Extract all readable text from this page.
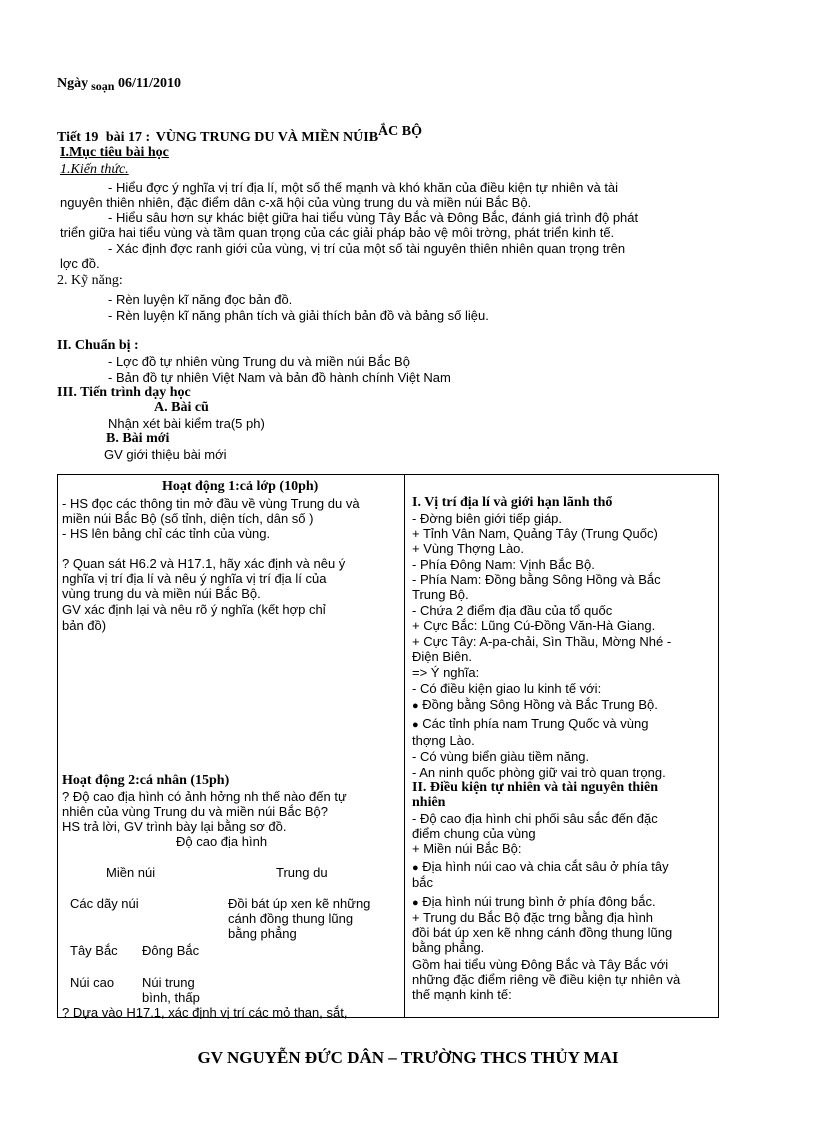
Ngày soạn 06/11/2010
Tiết 19 bài 17 : VÙNG TRUNG DU VÀ MIỀN NÚIBẮC BỘ
I.Mục tiêu bài học
1.Kiến thức.
- Hiểu đợc ý nghĩa vị trí địa lí, một số thế mạnh và khó khăn của điều kiện tự nhiên và tài
nguyên thiên nhiên, đặc điểm dân c-xã hội của vùng trung du và miền núi Bắc Bộ.
- Hiểu sâu hơn sự khác biệt giữa hai tiểu vùng Tây Bắc và Đông Bắc, đánh giá trình độ phát
triển giữa hai tiểu vùng và tầm quan trọng của các giải pháp bảo vệ môi trờng, phát triển kinh tế.
- Xác định đợc ranh giới của vùng, vị trí của một số tài nguyên thiên nhiên quan trọng trên
lợc đồ.
2. Kỹ năng:
- Rèn luyện kĩ năng đọc bản đồ.
- Rèn luyện kĩ năng phân tích và giải thích bản đồ và bảng số liệu.
II. Chuẩn bị :
- Lợc đồ tự nhiên vùng Trung du và miền núi Bắc Bộ
- Bản đồ tự nhiên Việt Nam và bản đồ hành chính Việt Nam
III. Tiến trình dạy học
A. Bài cũ
Nhận xét bài kiểm tra(5 ph)
B. Bài mới
GV giới thiệu bài mới
Hoạt động 1:cả lớp (10ph)
- HS đọc các thông tin mở đầu về vùng Trung du và
miền núi Bắc Bộ (số tỉnh, diện tích, dân số )
- HS lên bảng chỉ các tỉnh của vùng.
? Quan sát H6.2 và H17.1, hãy xác định và nêu ý
nghĩa vị trí địa lí và nêu ý nghĩa vị trí địa lí của
vùng trung du và miền núi Bắc Bộ.
GV xác định lại và nêu rõ ý nghĩa (kết hợp chỉ
bản đồ)
Hoạt động 2:cá nhân (15ph)
? Độ cao địa hình có ảnh hởng nh thế nào đến tự
nhiên của vùng Trung du và miền núi Bắc Bộ?
HS trả lời, GV trình bày lại bằng sơ đồ.
Độ cao địa hình
Miền núi	Trung du
Các dãy núi	Đồi bát úp xen kẽ những
cánh đồng thung lũng
bằng phẳng
Tây Bắc Đông Bắc
Núi cao Núi trung
bình, thấp
? Dựa vào H17.1, xác định vị trí các mỏ than, sắt,
I. Vị trí địa lí và giới hạn lãnh thổ
- Đờng biên giới tiếp giáp.
+ Tỉnh Vân Nam, Quảng Tây (Trung Quốc)
+ Vùng Thợng Lào.
- Phía Đông Nam: Vịnh Bắc Bộ.
- Phía Nam: Đồng bằng Sông Hồng và Bắc
Trung Bộ.
- Chứa 2 điểm địa đầu của tổ quốc
+ Cực Bắc: Lũng Cú-Đồng Văn-Hà Giang.
+ Cực Tây: A-pa-chải, Sìn Thầu, Mờng Nhé -
Điện Biên.
=> Ý nghĩa:
- Có điều kiện giao lu kinh tế với:
● Đồng bằng Sông Hồng và Bắc Trung Bộ.
● Các tỉnh phía nam Trung Quốc và vùng
thợng Lào.
- Có vùng biển giàu tiềm năng.
- An ninh quốc phòng giữ vai trò quan trọng.
II. Điều kiện tự nhiên và tài nguyên thiên
nhiên
- Độ cao địa hình chi phối sâu sắc đến đặc
điểm chung của vùng
+ Miền núi Bắc Bộ:
● Địa hình núi cao và chia cắt sâu ở phía tây
bắc
● Địa hình núi trung bình ở phía đông bắc.
+ Trung du Bắc Bộ đặc trng bằng địa hình
đồi bát úp xen kẽ nhng cánh đồng thung lũng
bằng phẳng.
Gồm hai tiểu vùng Đông Bắc và Tây Bắc với
những đặc điểm riêng về điều kiện tự nhiên và
thế mạnh kinh tế:
GV NGUYỄN ĐỨC DÂN – TRƯỜNG THCS THỦY MAI
